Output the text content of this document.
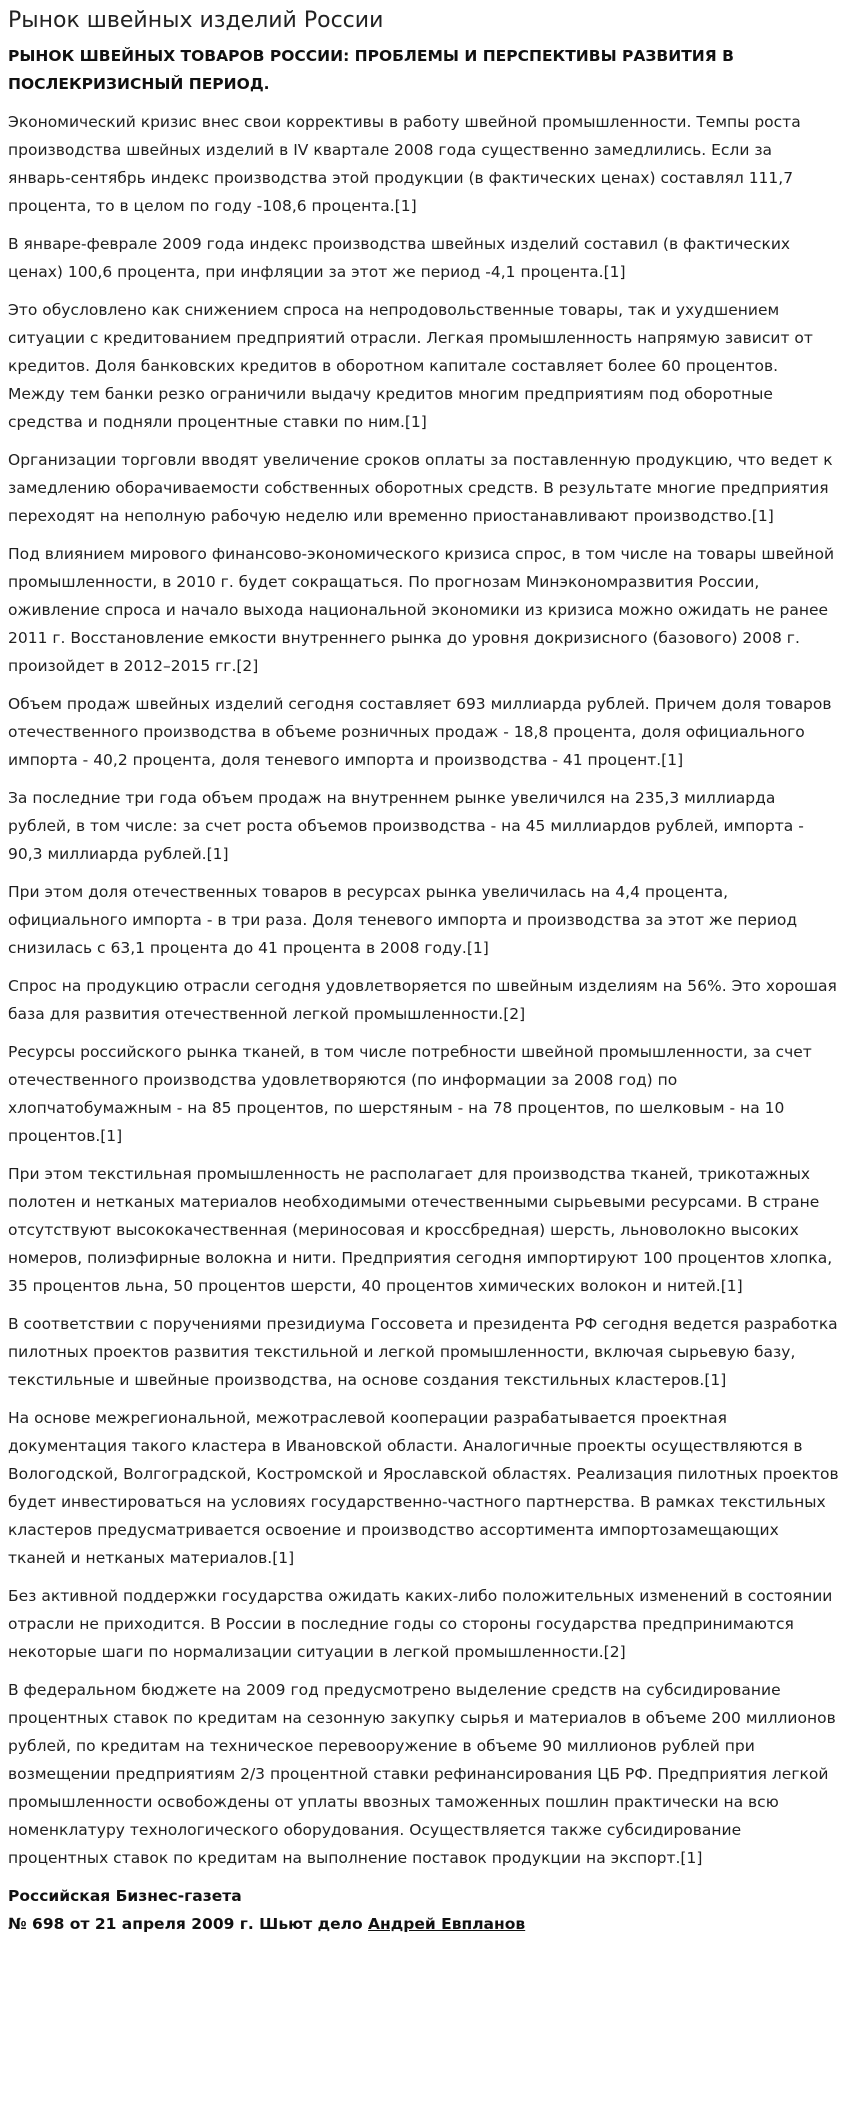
Рынок швейных изделий России
РЫНОК ШВЕЙНЫХ ТОВАРОВ РОССИИ: ПРОБЛЕМЫ И ПЕРСПЕКТИВЫ РАЗВИТИЯ В ПОСЛЕКРИЗИСНЫЙ ПЕРИОД.

Экономический кризис внес свои коррективы в работу швейной промышленности. Темпы роста производства швейных изделий в IV квартале 2008 года существенно замедлились. Если за январь-сентябрь индекс производства этой продукции (в фактических ценах) составлял 111,7 процента, то в целом по году -108,6 процента.[1]

В январе-феврале 2009 года индекс производства швейных изделий составил (в фактических ценах) 100,6 процента, при инфляции за этот же период -4,1 процента.[1]

Это обусловлено как снижением спроса на непродовольственные товары, так и ухудшением ситуации с кредитованием предприятий отрасли. Легкая промышленность напрямую зависит от кредитов. Доля банковских кредитов в оборотном капитале составляет более 60 процентов. Между тем банки резко ограничили выдачу кредитов многим предприятиям под оборотные средства и подняли процентные ставки по ним.[1]

Организации торговли вводят увеличение сроков оплаты за поставленную продукцию, что ведет к замедлению оборачиваемости собственных оборотных средств. В результате многие предприятия переходят на неполную рабочую неделю или временно приостанавливают производство.[1]

Под влиянием мирового финансово-экономического кризиса спрос, в том числе на товары швейной промышленности, в 2010 г. будет сокращаться. По прогнозам Минэкономразвития России, оживление спроса и начало выхода национальной экономики из кризиса можно ожидать не ранее 2011 г. Восстановление емкости внутреннего рынка до уровня докризисного (базового) 2008 г. произойдет в 2012–2015 гг.[2]

Объем продаж швейных изделий сегодня составляет 693 миллиарда рублей. Причем доля товаров отечественного производства в объеме розничных продаж - 18,8 процента, доля официального импорта - 40,2 процента, доля теневого импорта и производства - 41 процент.[1]

За последние три года объем продаж на внутреннем рынке увеличился на 235,3 миллиарда рублей, в том числе: за счет роста объемов производства - на 45 миллиардов рублей, импорта - 90,3 миллиарда рублей.[1]

При этом доля отечественных товаров в ресурсах рынка увеличилась на 4,4 процента, официального импорта - в три раза. Доля теневого импорта и производства за этот же период снизилась с 63,1 процента до 41 процента в 2008 году.[1]

Спрос на продукцию отрасли сегодня удовлетворяется по швейным изделиям на 56%. Это хорошая база для развития отечественной легкой промышленности.[2]

Ресурсы российского рынка тканей, в том числе потребности швейной промышленности, за счет отечественного производства удовлетворяются (по информации за 2008 год) по хлопчатобумажным - на 85 процентов, по шерстяным - на 78 процентов, по шелковым - на 10 процентов.[1]

При этом текстильная промышленность не располагает для производства тканей, трикотажных полотен и нетканых материалов необходимыми отечественными сырьевыми ресурсами. В стране отсутствуют высококачественная (мериносовая и кроссбредная) шерсть, льноволокно высоких номеров, полиэфирные волокна и нити. Предприятия сегодня импортируют 100 процентов хлопка, 35 процентов льна, 50 процентов шерсти, 40 процентов химических волокон и нитей.[1]

В соответствии с поручениями президиума Госсовета и президента РФ сегодня ведется разработка пилотных проектов развития текстильной и легкой промышленности, включая сырьевую базу, текстильные и швейные производства, на основе создания текстильных кластеров.[1]

На основе межрегиональной, межотраслевой кооперации разрабатывается проектная документация такого кластера в Ивановской области. Аналогичные проекты осуществляются в Вологодской, Волгоградской, Костромской и Ярославской областях. Реализация пилотных проектов будет инвестироваться на условиях государственно-частного партнерства. В рамках текстильных кластеров предусматривается освоение и производство ассортимента импортозамещающих тканей и нетканых материалов.[1]

Без активной поддержки государства ожидать каких-либо положительных изменений в состоянии отрасли не приходится. В России в последние годы со стороны государства предпринимаются некоторые шаги по нормализации ситуации в легкой промышленности.[2]

В федеральном бюджете на 2009 год предусмотрено выделение средств на субсидирование процентных ставок по кредитам на сезонную закупку сырья и материалов в объеме 200 миллионов рублей, по кредитам на техническое перевооружение в объеме 90 миллионов рублей при возмещении предприятиям 2/3 процентной ставки рефинансирования ЦБ РФ. Предприятия легкой промышленности освобождены от уплаты ввозных таможенных пошлин практически на всю номенклатуру технологического оборудования. Осуществляется также субсидирование процентных ставок по кредитам на выполнение поставок продукции на экспорт.[1]

Российская Бизнес-газета
№ 698 от 21 апреля 2009 г. Шьют дело Андрей Евпланов
